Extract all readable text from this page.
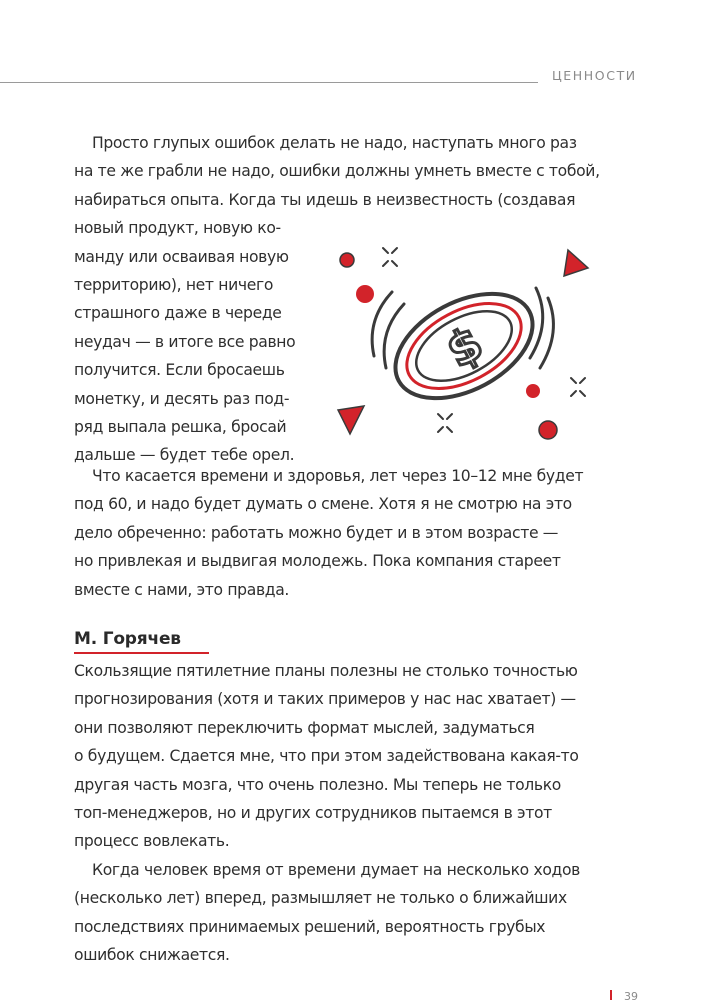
ЦЕННОСТИ
Просто глупых ошибок делать не надо, наступать много раз
на те же грабли не надо, ошибки должны умнеть вместе с тобой,
набираться опыта. Когда ты идешь в неизвестность (создавая
новый продукт, новую ко-
манду или осваивая новую
территорию), нет ничего
страшного даже в череде
неудач — в итоге все равно
получится. Если бросаешь
монетку, и десять раз под-
ряд выпала решка, бросай
дальше — будет тебе орел.
$
Что касается времени и здоровья, лет через 10–12 мне будет
под 60, и надо будет думать о смене. Хотя я не смотрю на это
дело обреченно: работать можно будет и в этом возрасте —
но привлекая и выдвигая молодежь. Пока компания стареет
вместе с нами, это правда.
М. Горячев
Скользящие пятилетние планы полезны не столько точностью
прогнозирования (хотя и таких примеров у нас нас хватает) —
они позволяют переключить формат мыслей, задуматься
о будущем. Сдается мне, что при этом задействована какая-то
другая часть мозга, что очень полезно. Мы теперь не только
топ-менеджеров, но и других сотрудников пытаемся в этот
процесс вовлекать.
Когда человек время от времени думает на несколько ходов
(несколько лет) вперед, размышляет не только о ближайших
последствиях принимаемых решений, вероятность грубых
ошибок снижается.
39
